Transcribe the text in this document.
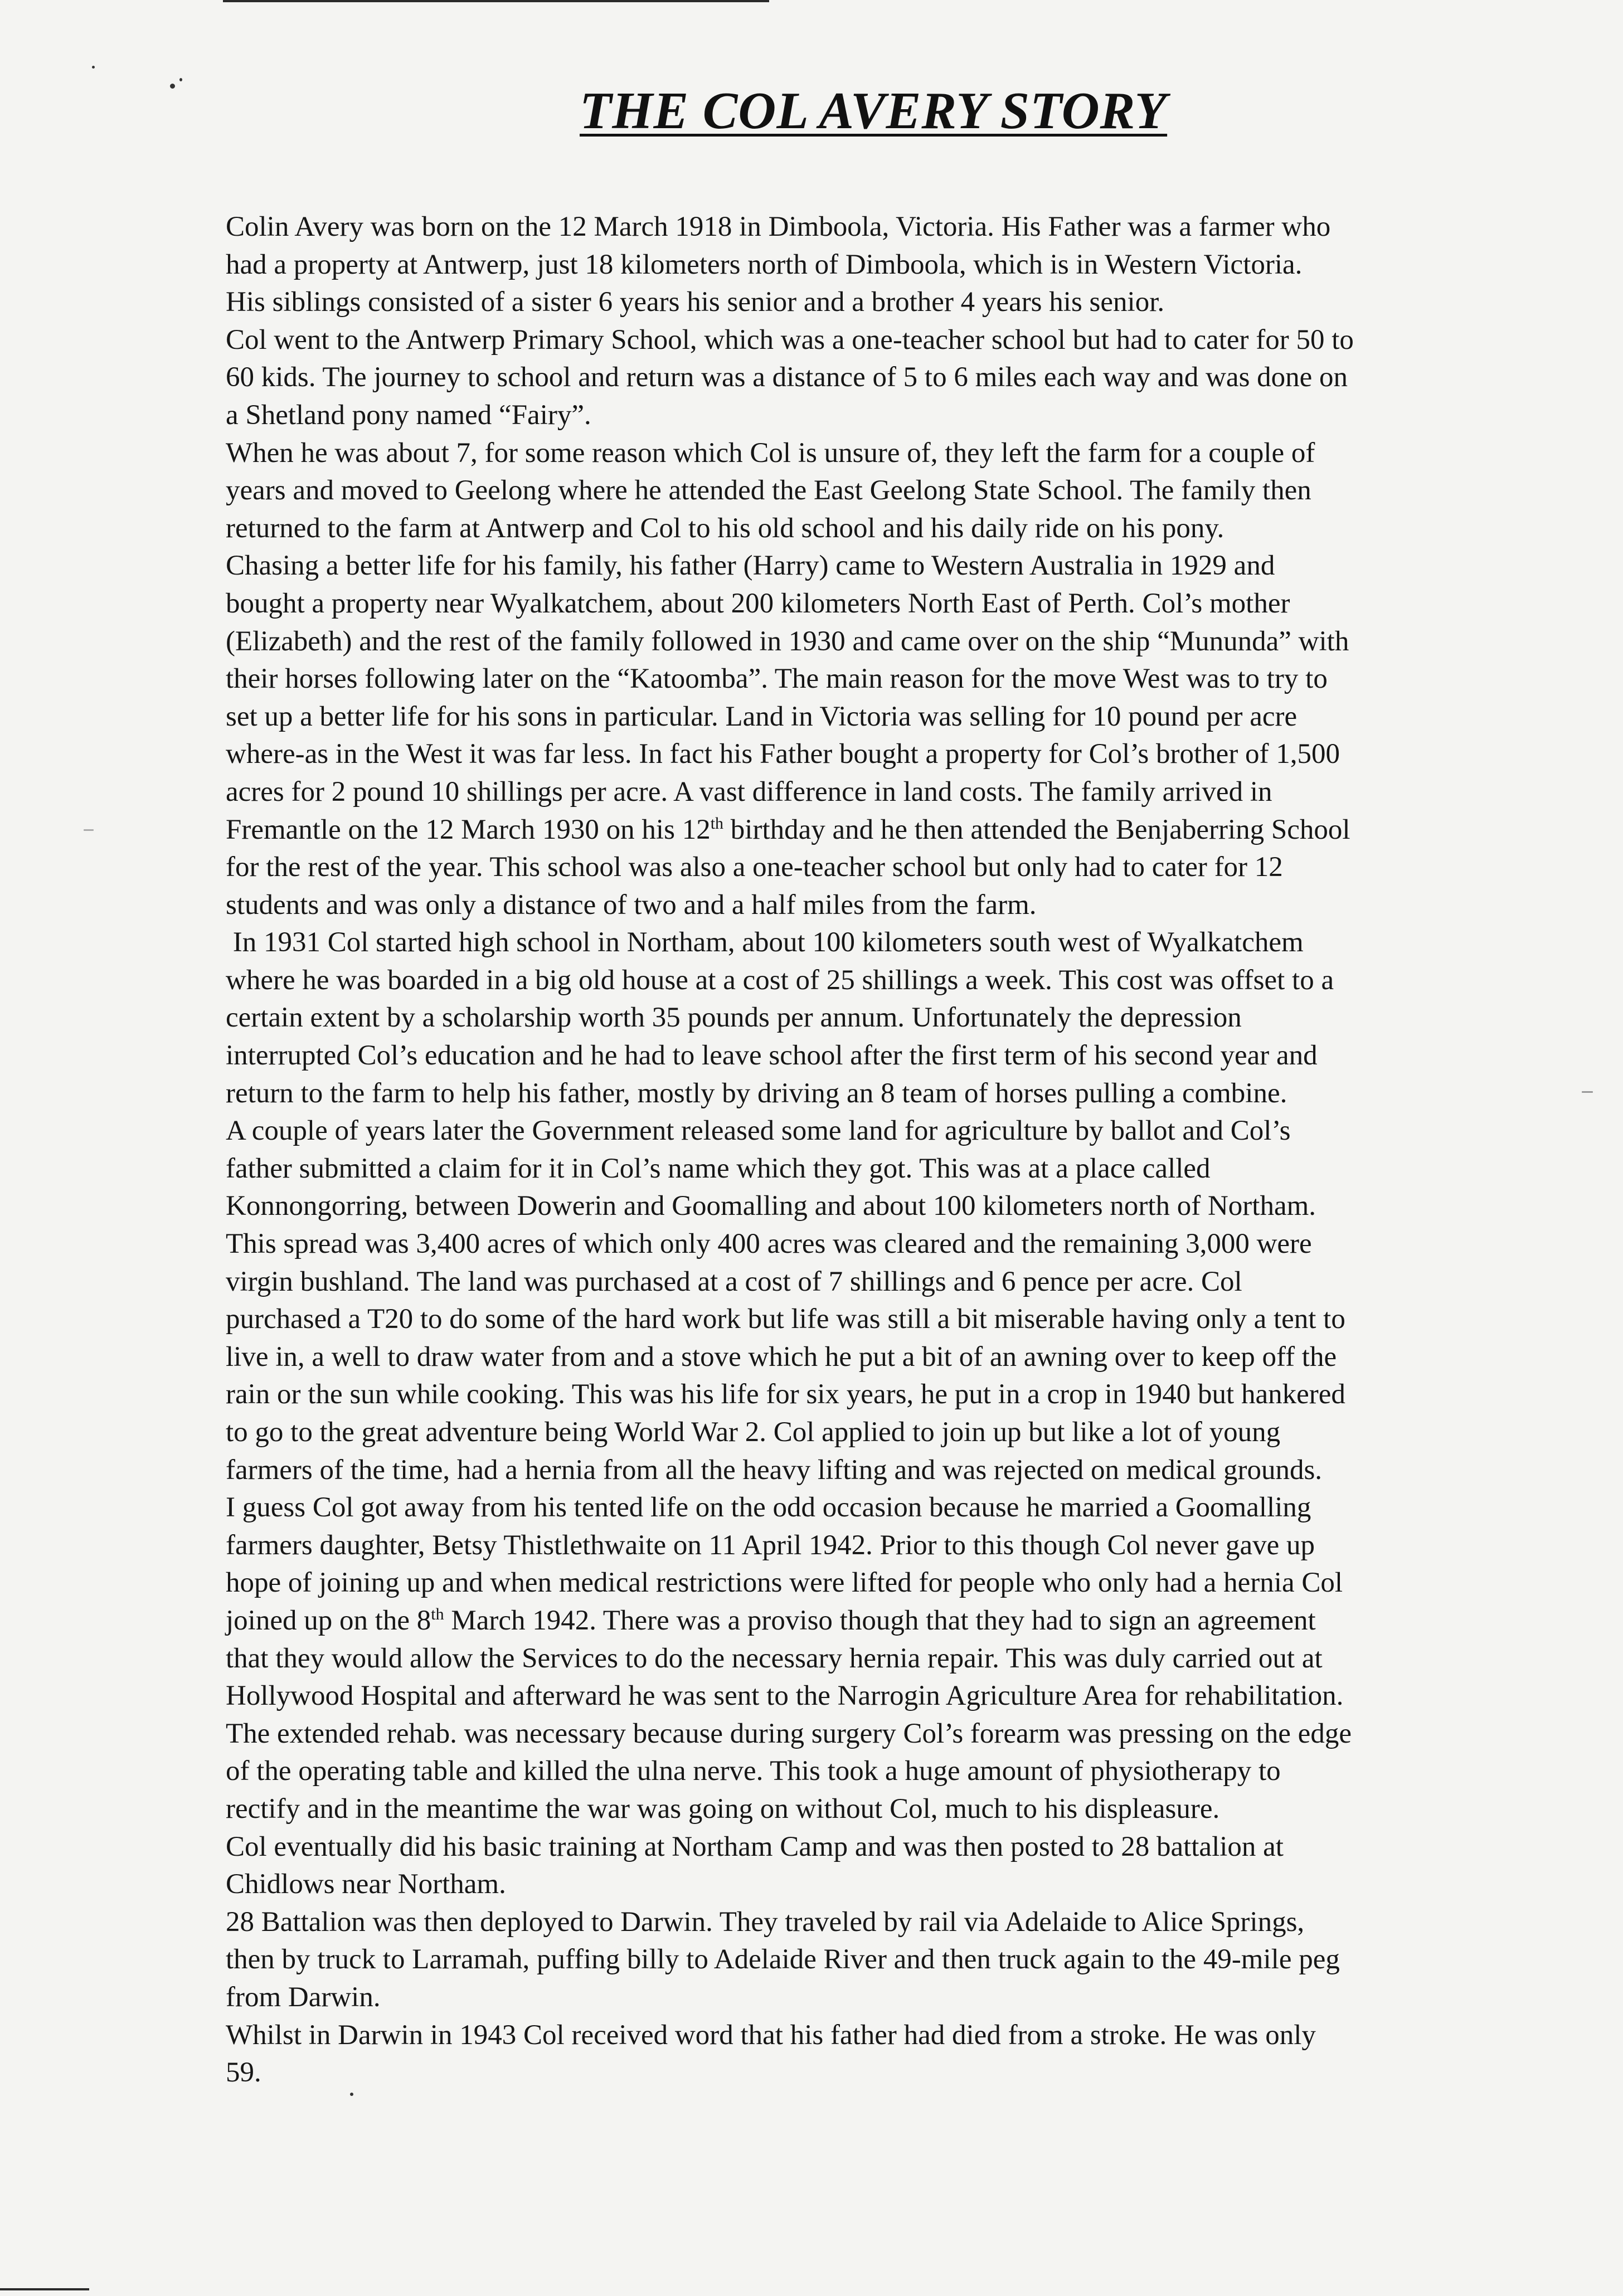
THE COL AVERY STORY
Colin Avery was born on the 12 March 1918 in Dimboola, Victoria. His Father was a farmer who
had a property at Antwerp, just 18 kilometers north of Dimboola, which is in Western Victoria.
His siblings consisted of a sister 6 years his senior and a brother 4 years his senior.
Col went to the Antwerp Primary School, which was a one-teacher school but had to cater for 50 to
60 kids. The journey to school and return was a distance of 5 to 6 miles each way and was done on
a Shetland pony named “Fairy”.
When he was about 7, for some reason which Col is unsure of, they left the farm for a couple of
years and moved to Geelong where he attended the East Geelong State School. The family then
returned to the farm at Antwerp and Col to his old school and his daily ride on his pony.
Chasing a better life for his family, his father (Harry) came to Western Australia in 1929 and
bought a property near Wyalkatchem, about 200 kilometers North East of Perth. Col’s mother
(Elizabeth) and the rest of the family followed in 1930 and came over on the ship “Mununda” with
their horses following later on the “Katoomba”. The main reason for the move West was to try to
set up a better life for his sons in particular. Land in Victoria was selling for 10 pound per acre
where-as in the West it was far less. In fact his Father bought a property for Col’s brother of 1,500
acres for 2 pound 10 shillings per acre. A vast difference in land costs. The family arrived in
Fremantle on the 12 March 1930 on his 12th birthday and he then attended the Benjaberring School
for the rest of the year. This school was also a one-teacher school but only had to cater for 12
students and was only a distance of two and a half miles from the farm.
In 1931 Col started high school in Northam, about 100 kilometers south west of Wyalkatchem
where he was boarded in a big old house at a cost of 25 shillings a week. This cost was offset to a
certain extent by a scholarship worth 35 pounds per annum. Unfortunately the depression
interrupted Col’s education and he had to leave school after the first term of his second year and
return to the farm to help his father, mostly by driving an 8 team of horses pulling a combine.
A couple of years later the Government released some land for agriculture by ballot and Col’s
father submitted a claim for it in Col’s name which they got. This was at a place called
Konnongorring, between Dowerin and Goomalling and about 100 kilometers north of Northam.
This spread was 3,400 acres of which only 400 acres was cleared and the remaining 3,000 were
virgin bushland. The land was purchased at a cost of 7 shillings and 6 pence per acre. Col
purchased a T20 to do some of the hard work but life was still a bit miserable having only a tent to
live in, a well to draw water from and a stove which he put a bit of an awning over to keep off the
rain or the sun while cooking. This was his life for six years, he put in a crop in 1940 but hankered
to go to the great adventure being World War 2. Col applied to join up but like a lot of young
farmers of the time, had a hernia from all the heavy lifting and was rejected on medical grounds.
I guess Col got away from his tented life on the odd occasion because he married a Goomalling
farmers daughter, Betsy Thistlethwaite on 11 April 1942. Prior to this though Col never gave up
hope of joining up and when medical restrictions were lifted for people who only had a hernia Col
joined up on the 8th March 1942. There was a proviso though that they had to sign an agreement
that they would allow the Services to do the necessary hernia repair. This was duly carried out at
Hollywood Hospital and afterward he was sent to the Narrogin Agriculture Area for rehabilitation.
The extended rehab. was necessary because during surgery Col’s forearm was pressing on the edge
of the operating table and killed the ulna nerve. This took a huge amount of physiotherapy to
rectify and in the meantime the war was going on without Col, much to his displeasure.
Col eventually did his basic training at Northam Camp and was then posted to 28 battalion at
Chidlows near Northam.
28 Battalion was then deployed to Darwin. They traveled by rail via Adelaide to Alice Springs,
then by truck to Larramah, puffing billy to Adelaide River and then truck again to the 49-mile peg
from Darwin.
Whilst in Darwin in 1943 Col received word that his father had died from a stroke. He was only
59.
